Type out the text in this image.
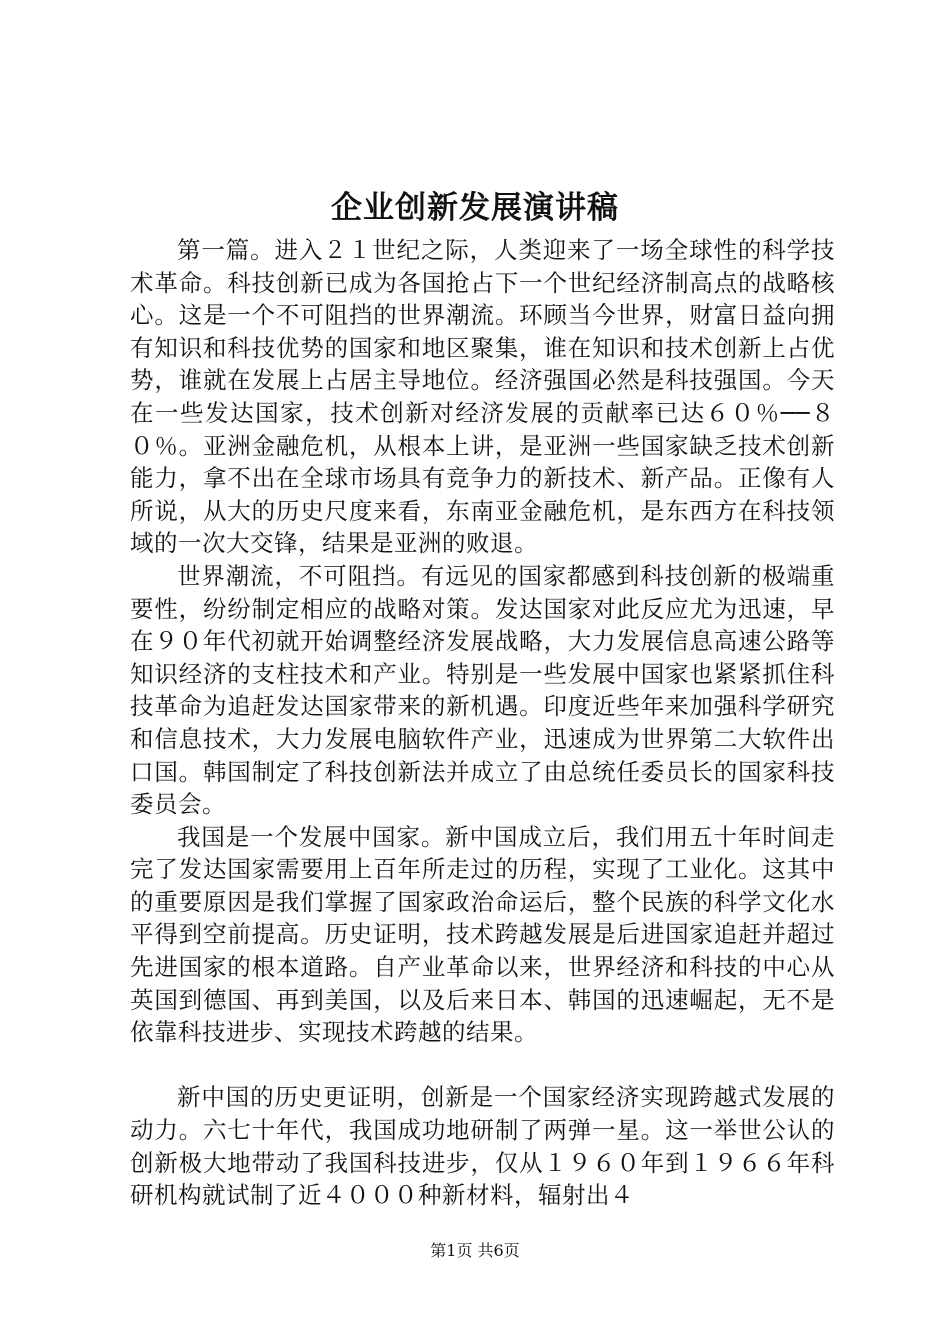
企业创新发展演讲稿

第一篇。进入２１世纪之际，人类迎来了一场全球性的科学技术革命。科技创新已成为各国抢占下一个世纪经济制高点的战略核心。这是一个不可阻挡的世界潮流。环顾当今世界，财富日益向拥有知识和科技优势的国家和地区聚集，谁在知识和技术创新上占优势，谁就在发展上占居主导地位。经济强国必然是科技强国。今天在一些发达国家，技术创新对经济发展的贡献率已达６０％──８０％。亚洲金融危机，从根本上讲，是亚洲一些国家缺乏技术创新能力，拿不出在全球市场具有竞争力的新技术、新产品。正像有人所说，从大的历史尺度来看，东南亚金融危机，是东西方在科技领域的一次大交锋，结果是亚洲的败退。

世界潮流，不可阻挡。有远见的国家都感到科技创新的极端重要性，纷纷制定相应的战略对策。发达国家对此反应尤为迅速，早在９０年代初就开始调整经济发展战略，大力发展信息高速公路等知识经济的支柱技术和产业。特别是一些发展中国家也紧紧抓住科技革命为追赶发达国家带来的新机遇。印度近些年来加强科学研究和信息技术，大力发展电脑软件产业，迅速成为世界第二大软件出口国。韩国制定了科技创新法并成立了由总统任委员长的国家科技委员会。

我国是一个发展中国家。新中国成立后，我们用五十年时间走完了发达国家需要用上百年所走过的历程，实现了工业化。这其中的重要原因是我们掌握了国家政治命运后，整个民族的科学文化水平得到空前提高。历史证明，技术跨越发展是后进国家追赶并超过先进国家的根本道路。自产业革命以来，世界经济和科技的中心从英国到德国、再到美国，以及后来日本、韩国的迅速崛起，无不是依靠科技进步、实现技术跨越的结果。

新中国的历史更证明，创新是一个国家经济实现跨越式发展的动力。六七十年代，我国成功地研制了两弹一星。这一举世公认的创新极大地带动了我国科技进步，仅从１９６０年到１９６６年科研机构就试制了近４０００种新材料，辐射出４

第1页 共6页
